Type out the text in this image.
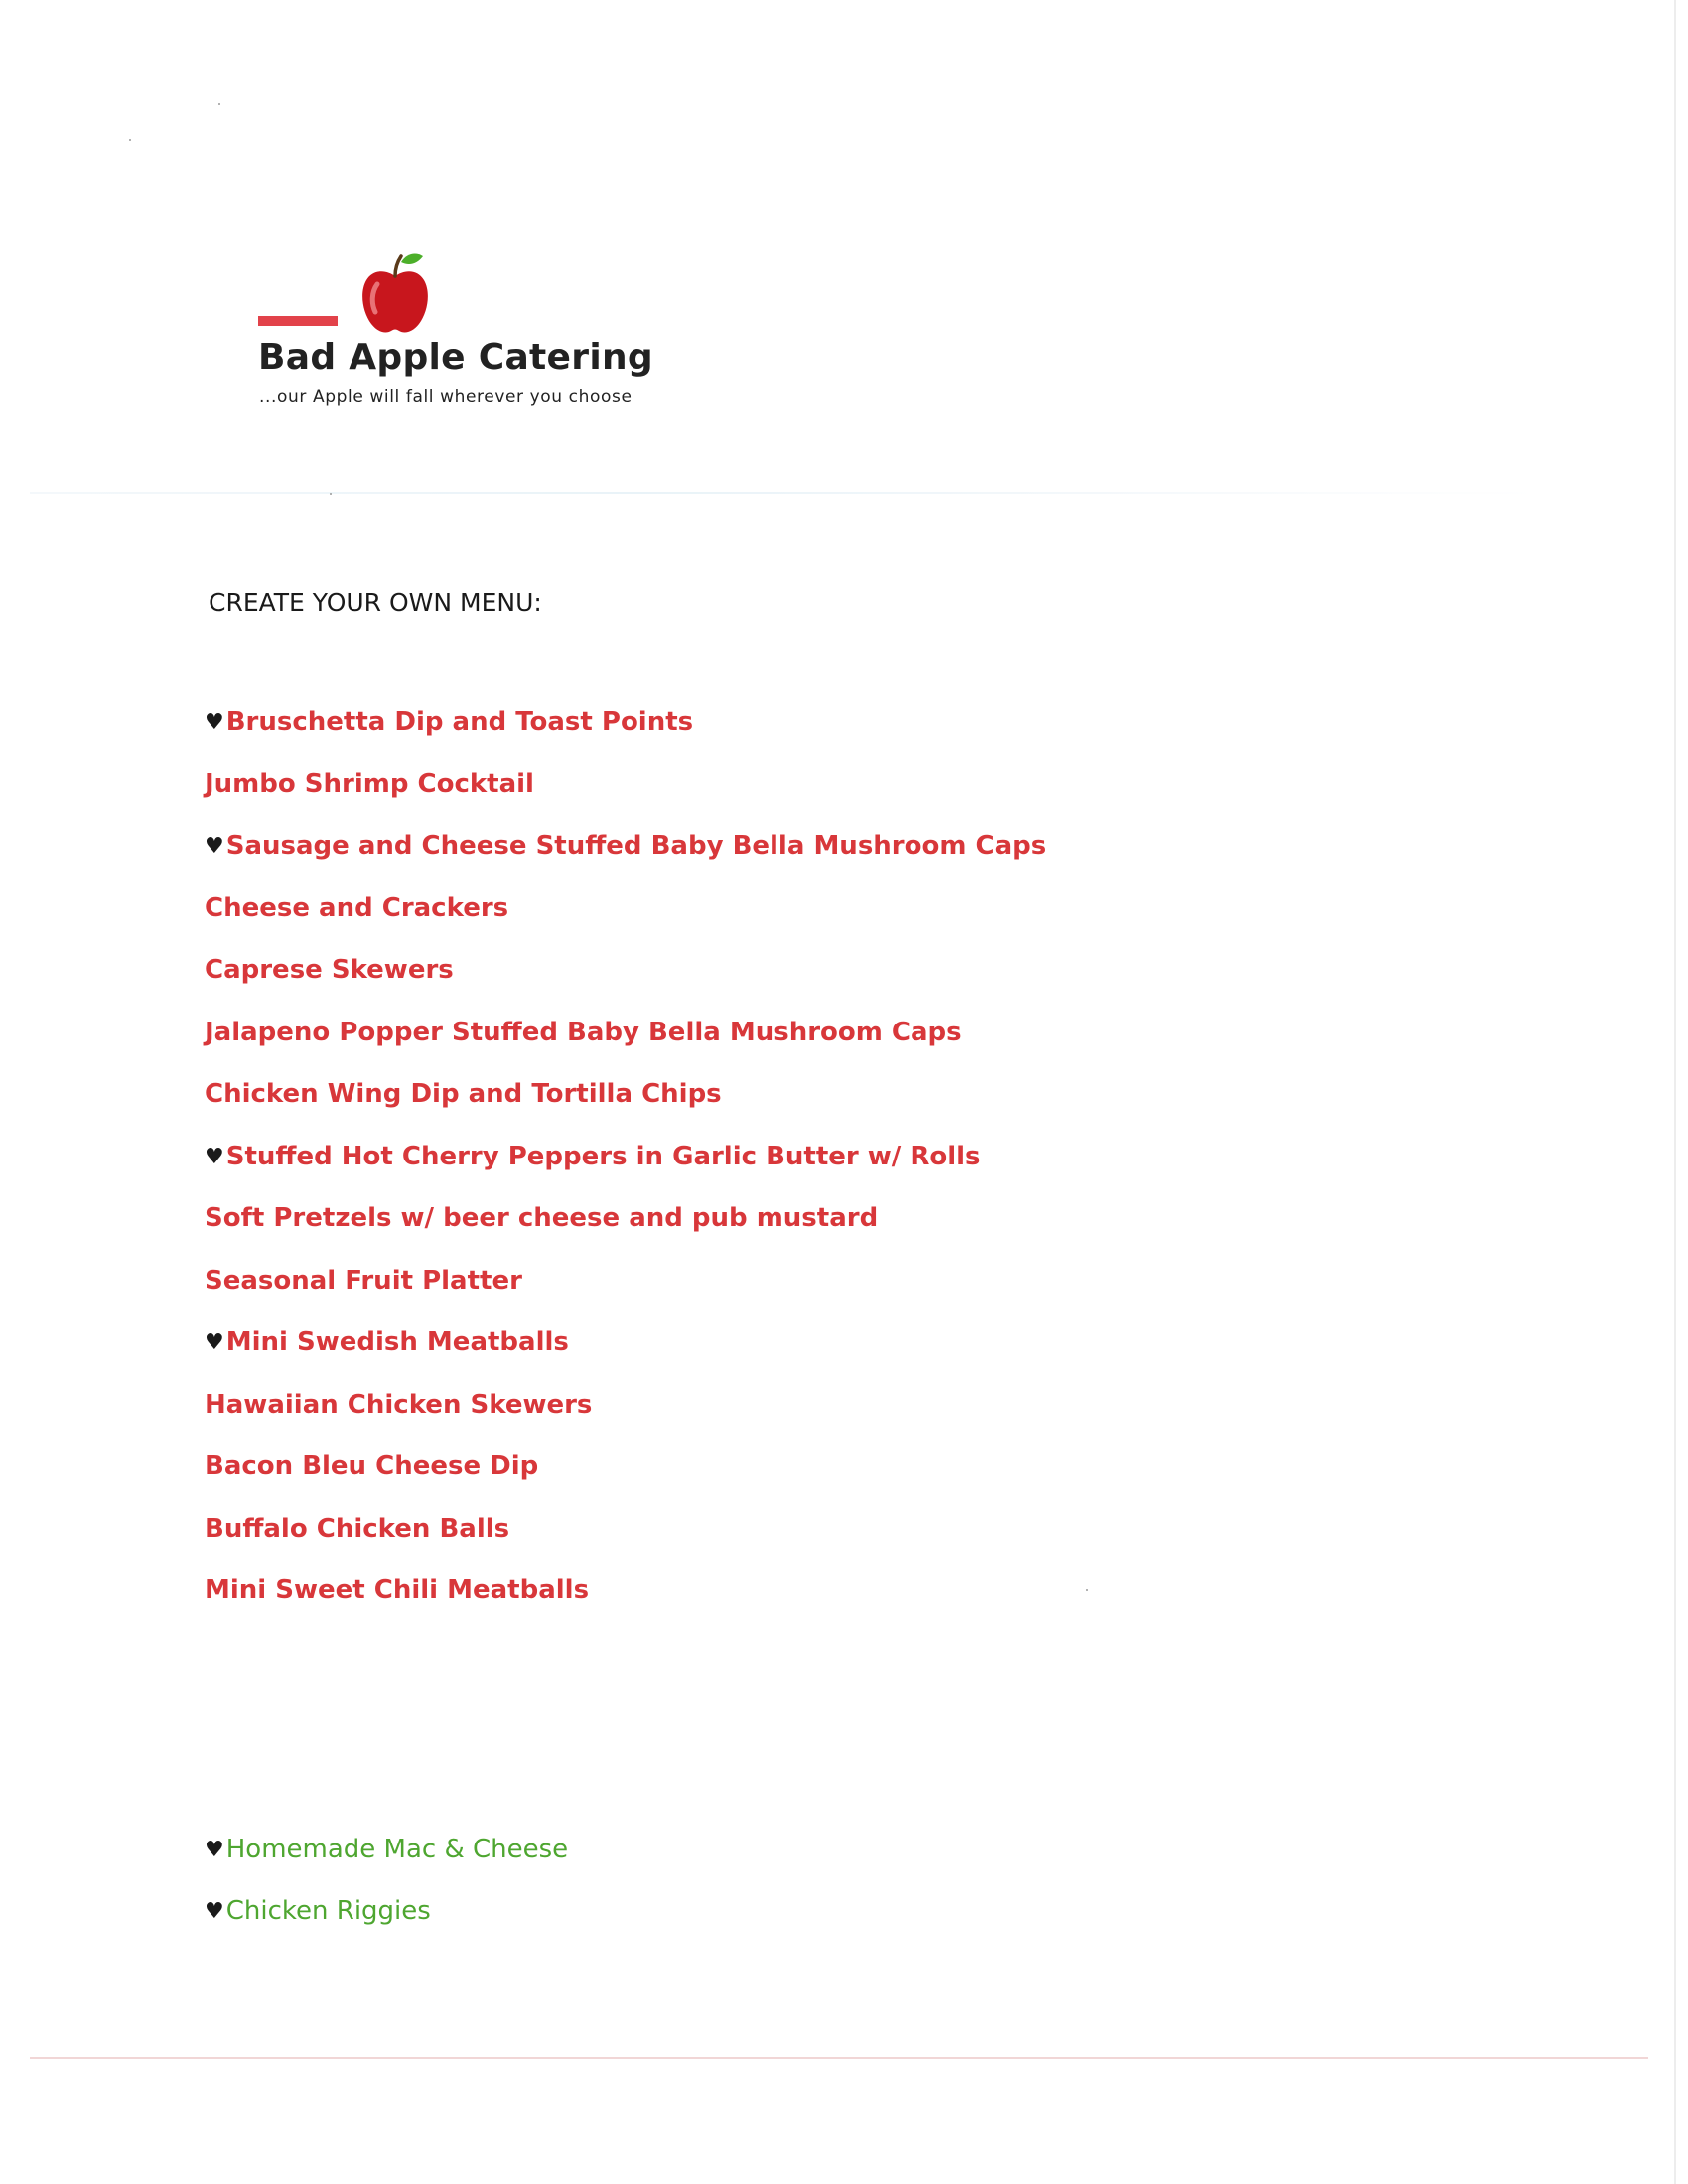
Bad Apple Catering
...our Apple will fall wherever you choose
CREATE YOUR OWN MENU:
♥Bruschetta Dip and Toast Points
Jumbo Shrimp Cocktail
♥Sausage and Cheese Stuffed Baby Bella Mushroom Caps
Cheese and Crackers
Caprese Skewers
Jalapeno Popper Stuffed Baby Bella Mushroom Caps
Chicken Wing Dip and Tortilla Chips
♥Stuffed Hot Cherry Peppers in Garlic Butter w/ Rolls
Soft Pretzels w/ beer cheese and pub mustard
Seasonal Fruit Platter
♥Mini Swedish Meatballs
Hawaiian Chicken Skewers
Bacon Bleu Cheese Dip
Buffalo Chicken Balls
Mini Sweet Chili Meatballs
♥Homemade Mac & Cheese
♥Chicken Riggies
